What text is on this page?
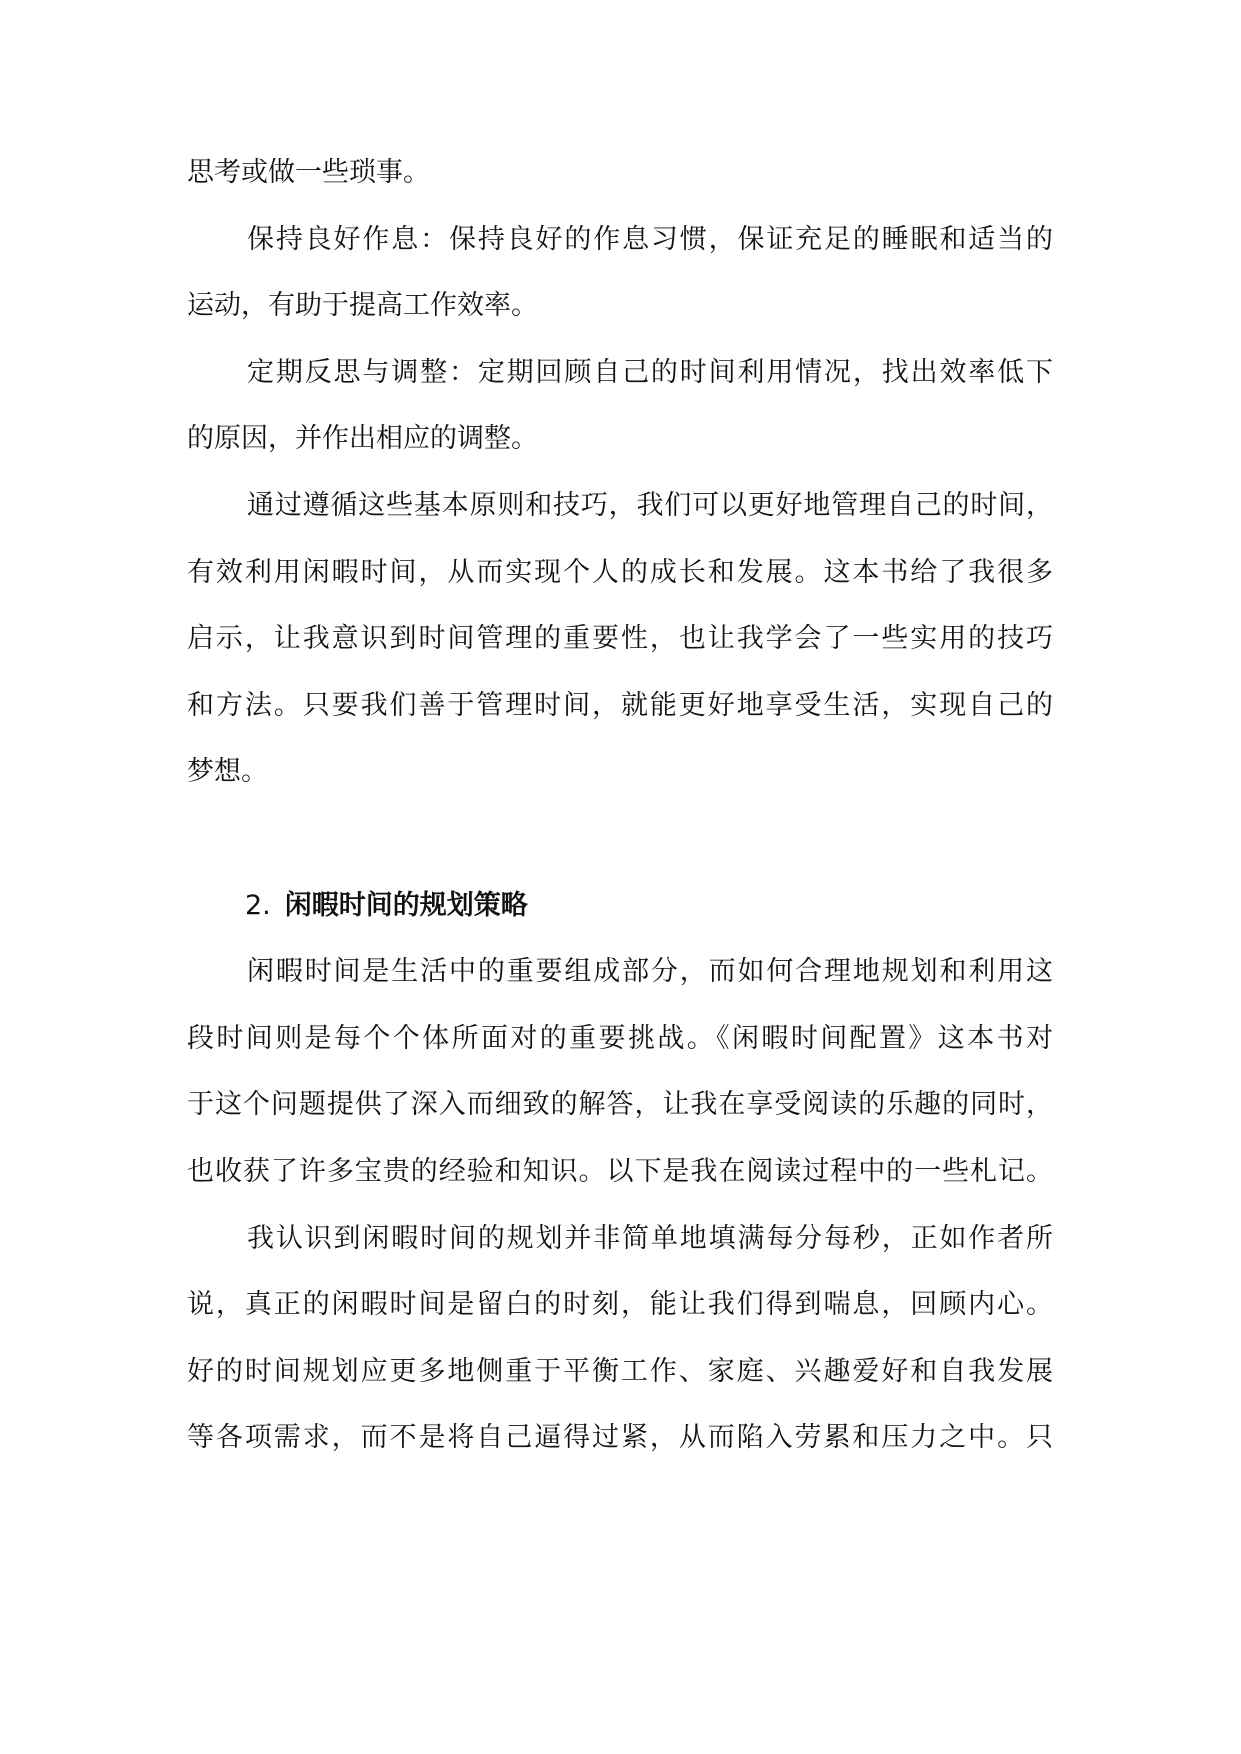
思考或做一些琐事。
保持良好作息：保持良好的作息习惯，保证充足的睡眠和适当的
运动，有助于提高工作效率。
定期反思与调整：定期回顾自己的时间利用情况，找出效率低下
的原因，并作出相应的调整。
通过遵循这些基本原则和技巧，我们可以更好地管理自己的时间，
有效利用闲暇时间，从而实现个人的成长和发展。这本书给了我很多
启示，让我意识到时间管理的重要性，也让我学会了一些实用的技巧
和方法。只要我们善于管理时间，就能更好地享受生活，实现自己的
梦想。
2. 闲暇时间的规划策略
闲暇时间是生活中的重要组成部分，而如何合理地规划和利用这
段时间则是每个个体所面对的重要挑战。《闲暇时间配置》这本书对
于这个问题提供了深入而细致的解答，让我在享受阅读的乐趣的同时，
也收获了许多宝贵的经验和知识。以下是我在阅读过程中的一些札记。
我认识到闲暇时间的规划并非简单地填满每分每秒，正如作者所
说，真正的闲暇时间是留白的时刻，能让我们得到喘息，回顾内心。
好的时间规划应更多地侧重于平衡工作、家庭、兴趣爱好和自我发展
等各项需求，而不是将自己逼得过紧，从而陷入劳累和压力之中。只
